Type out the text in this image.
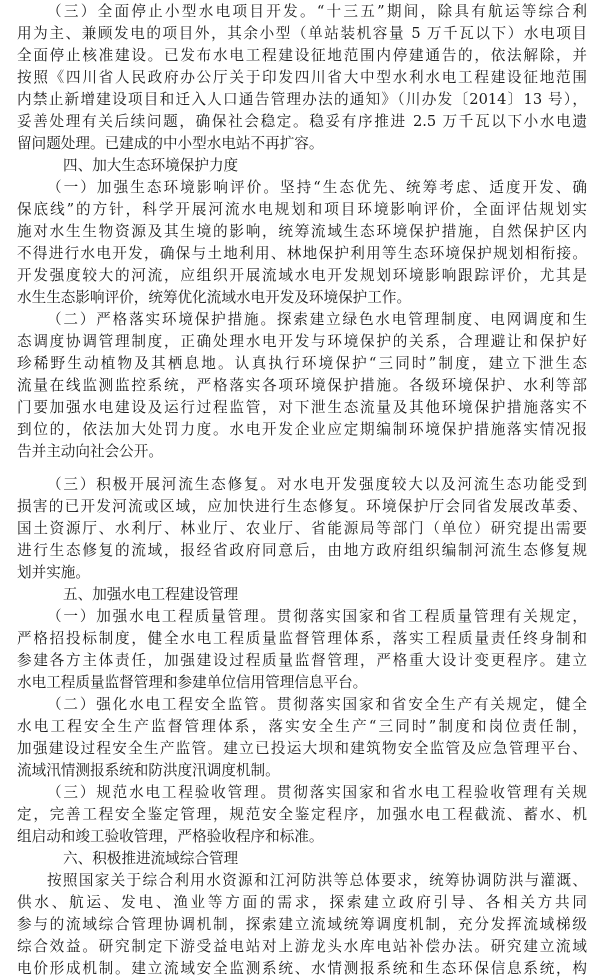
（三）全面停止小型水电项目开发。“十三五”期间，除具有航运等综合利
用为主、兼顾发电的项目外，其余小型（单站装机容量 5 万千瓦以下）水电项目
全面停止核准建设。已发布水电工程建设征地范围内停建通告的，依法解除，并
按照《四川省人民政府办公厅关于印发四川省大中型水利水电工程建设征地范围
内禁止新增建设项目和迁入人口通告管理办法的通知》（川办发〔2014〕13 号），
妥善处理有关后续问题，确保社会稳定。稳妥有序推进 2.5 万千瓦以下小水电遗
留问题处理。已建成的中小型水电站不再扩容。
四、加大生态环境保护力度
（一）加强生态环境影响评价。坚持“生态优先、统筹考虑、适度开发、确
保底线”的方针，科学开展河流水电规划和项目环境影响评价，全面评估规划实
施对水生生物资源及其生境的影响，统筹流域生态环境保护措施，自然保护区内
不得进行水电开发，确保与土地利用、林地保护利用等生态环境保护规划相衔接。
开发强度较大的河流，应组织开展流域水电开发规划环境影响跟踪评价，尤其是
水生生态影响评价，统筹优化流域水电开发及环境保护工作。
（二）严格落实环境保护措施。探索建立绿色水电管理制度、电网调度和生
态调度协调管理制度，正确处理水电开发与环境保护的关系，合理避让和保护好
珍稀野生动植物及其栖息地。认真执行环境保护“三同时”制度，建立下泄生态
流量在线监测监控系统，严格落实各项环境保护措施。各级环境保护、水利等部
门要加强水电建设及运行过程监管，对下泄生态流量及其他环境保护措施落实不
到位的，依法加大处罚力度。水电开发企业应定期编制环境保护措施落实情况报
告并主动向社会公开。
（三）积极开展河流生态修复。对水电开发强度较大以及河流生态功能受到
损害的已开发河流或区域，应加快进行生态修复。环境保护厅会同省发展改革委、
国土资源厅、水利厅、林业厅、农业厅、省能源局等部门（单位）研究提出需要
进行生态修复的流域，报经省政府同意后，由地方政府组织编制河流生态修复规
划并实施。
五、加强水电工程建设管理
（一）加强水电工程质量管理。贯彻落实国家和省工程质量管理有关规定，
严格招投标制度，健全水电工程质量监督管理体系，落实工程质量责任终身制和
参建各方主体责任，加强建设过程质量监督管理，严格重大设计变更程序。建立
水电工程质量监督管理和参建单位信用管理信息平台。
（二）强化水电工程安全监管。贯彻落实国家和省安全生产有关规定，健全
水电工程安全生产监督管理体系，落实安全生产“三同时”制度和岗位责任制，
加强建设过程安全生产监管。建立已投运大坝和建筑物安全监管及应急管理平台、
流域汛情测报系统和防洪度汛调度机制。
（三）规范水电工程验收管理。贯彻落实国家和省水电工程验收管理有关规
定，完善工程安全鉴定管理，规范安全鉴定程序，加强水电工程截流、蓄水、机
组启动和竣工验收管理，严格验收程序和标准。
六、积极推进流域综合管理
按照国家关于综合利用水资源和江河防洪等总体要求，统筹协调防洪与灌溉、
供水、航运、发电、渔业等方面的需求，探索建立政府引导、各相关方共同
参与的流域综合管理协调机制，探索建立流域统筹调度机制，充分发挥流域梯级
综合效益。研究制定下游受益电站对上游龙头水库电站补偿办法。研究建立流域
电价形成机制。建立流域安全监测系统、水情测报系统和生态环保信息系统，构
